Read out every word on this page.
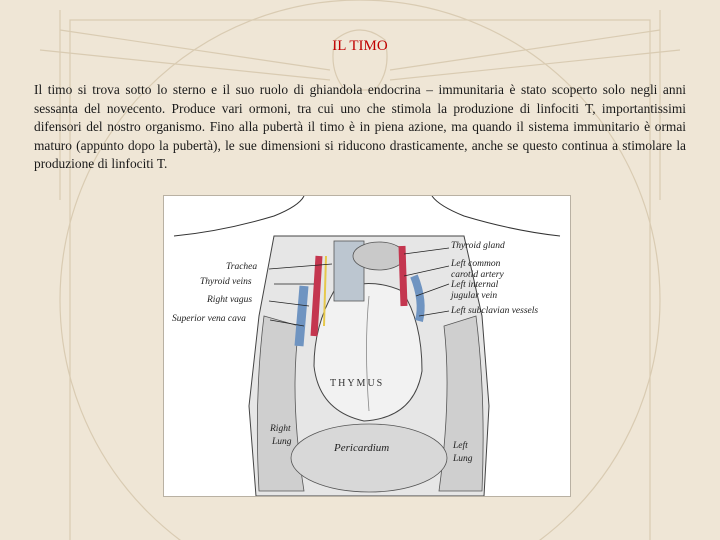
IL TIMO
Il timo si trova sotto lo sterno e il suo ruolo di ghiandola endocrina – immunitaria è stato scoperto solo negli anni sessanta del novecento. Produce vari ormoni, tra cui uno che stimola la produzione di linfociti T, importantissimi difensori del nostro organismo. Fino alla pubertà il timo è in piena azione, ma quando il sistema immunitario è ormai maturo (appunto dopo la pubertà), le sue dimensioni si riducono drasticamente, anche se questo continua a stimolare la produzione di linfociti T.
Trachea
Thyroid veins
Right vagus
Superior vena cava
Right
Lung
Thyroid gland
Left common
carotid artery
Left internal
jugular vein
Left subclavian vessels
Left
Lung
THYMUS
Pericardium
